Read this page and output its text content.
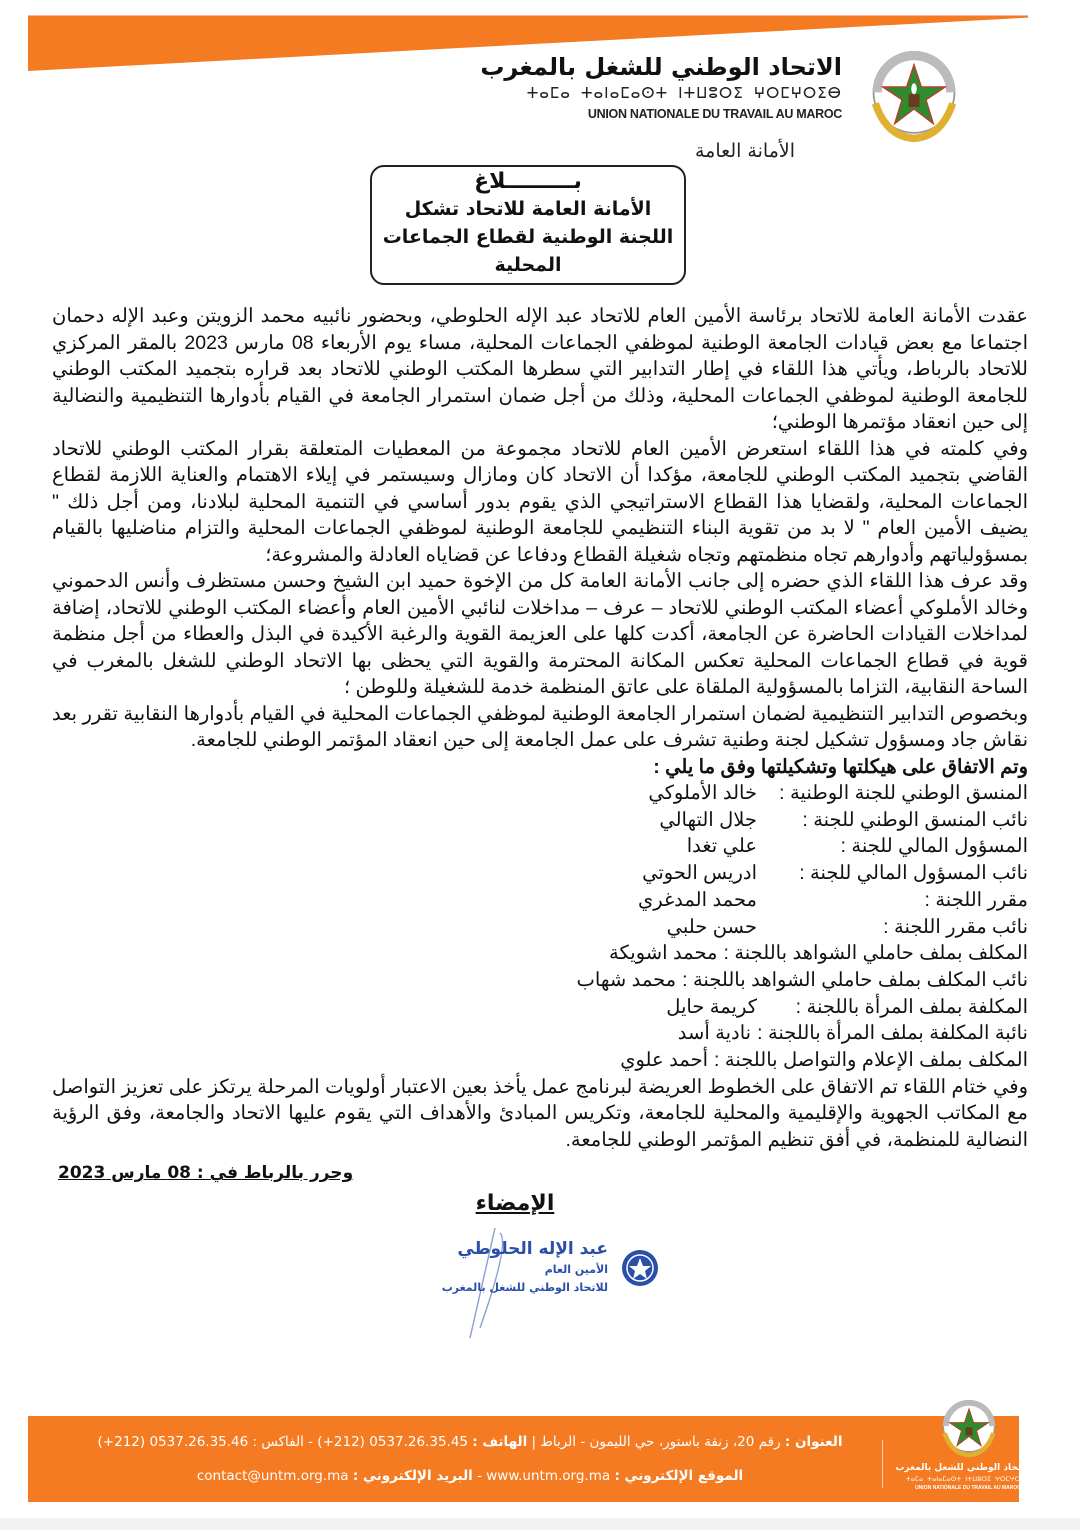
الاتحاد الوطني للشغل بالمغرب
ⵜⴰⵎⴰ ⵜⴰⵏⴰⵎⴰⵙⵜ ⵏⵜⵡⵓⵔⵉ ⵖⵔⵎⵖⵔⵉⴱ
UNION NATIONALE DU TRAVAIL AU MAROC
الأمانة العامة
بـــــــــلاغ
الأمانة العامة للاتحاد تشكل
اللجنة الوطنية لقطاع الجماعات المحلية

عقدت الأمانة العامة للاتحاد برئاسة الأمين العام للاتحاد عبد الإله الحلوطي، وبحضور نائبيه محمد الزويتن وعبد الإله دحمان اجتماعا مع بعض قيادات الجامعة الوطنية لموظفي الجماعات المحلية، مساء يوم الأربعاء 08 مارس 2023 بالمقر المركزي للاتحاد بالرباط، ويأتي هذا اللقاء في إطار التدابير التي سطرها المكتب الوطني للاتحاد بعد قراره بتجميد المكتب الوطني للجامعة الوطنية لموظفي الجماعات المحلية، وذلك من أجل ضمان استمرار الجامعة في القيام بأدوارها التنظيمية والنضالية إلى حين انعقاد مؤتمرها الوطني؛

وفي كلمته في هذا اللقاء استعرض الأمين العام للاتحاد مجموعة من المعطيات المتعلقة بقرار المكتب الوطني للاتحاد القاضي بتجميد المكتب الوطني للجامعة، مؤكدا أن الاتحاد كان ومازال وسيستمر في إيلاء الاهتمام والعناية اللازمة لقطاع الجماعات المحلية، ولقضايا هذا القطاع الاستراتيجي الذي يقوم بدور أساسي في التنمية المحلية لبلادنا، ومن أجل ذلك " يضيف الأمين العام " لا بد من تقوية البناء التنظيمي للجامعة الوطنية لموظفي الجماعات المحلية والتزام مناضليها بالقيام بمسؤولياتهم وأدوارهم تجاه منظمتهم وتجاه شغيلة القطاع ودفاعا عن قضاياه العادلة والمشروعة؛

وقد عرف هذا اللقاء الذي حضره إلى جانب الأمانة العامة كل من الإخوة حميد ابن الشيخ وحسن مستظرف وأنس الدحموني وخالد الأملوكي أعضاء المكتب الوطني للاتحاد – عرف – مداخلات لنائبي الأمين العام وأعضاء المكتب الوطني للاتحاد، إضافة لمداخلات القيادات الحاضرة عن الجامعة، أكدت كلها على العزيمة القوية والرغبة الأكيدة في البذل والعطاء من أجل منظمة قوية في قطاع الجماعات المحلية تعكس المكانة المحترمة والقوية التي يحظى بها الاتحاد الوطني للشغل بالمغرب في الساحة النقابية، التزاما بالمسؤولية الملقاة على عاتق المنظمة خدمة للشغيلة وللوطن ؛

وبخصوص التدابير التنظيمية لضمان استمرار الجامعة الوطنية لموظفي الجماعات المحلية في القيام بأدوارها النقابية تقرر بعد نقاش جاد ومسؤول تشكيل لجنة وطنية تشرف على عمل الجامعة إلى حين انعقاد المؤتمر الوطني للجامعة.

وتم الاتفاق على هيكلتها وتشكيلتها وفق ما يلي :

المنسق الوطني للجنة الوطنية :
خالد الأملوكي
نائب المنسق الوطني للجنة :
جلال التهالي
المسؤول المالي للجنة :
علي تغدا
نائب المسؤول المالي للجنة :
ادريس الحوتي
مقرر اللجنة :
محمد المدغري
نائب مقرر اللجنة :
حسن حلبي
المكلف بملف حاملي الشواهد باللجنة :
محمد اشويكة
نائب المكلف بملف حاملي الشواهد باللجنة :
محمد شهاب
المكلفة بملف المرأة باللجنة :
كريمة حايل
نائبة المكلفة بملف المرأة باللجنة :
نادية أسد
المكلف بملف الإعلام والتواصل باللجنة :
أحمد علوي

وفي ختام اللقاء تم الاتفاق على الخطوط العريضة لبرنامج عمل يأخذ بعين الاعتبار أولويات المرحلة يرتكز على تعزيز التواصل مع المكاتب الجهوية والإقليمية والمحلية للجامعة، وتكريس المبادئ والأهداف التي يقوم عليها الاتحاد والجامعة، وفق الرؤية النضالية للمنظمة، في أفق تنظيم المؤتمر الوطني للجامعة.

وحرر بالرباط في : 08 مارس 2023
الإمضاء
عبد الإله الحلوطي
الأمين العام
للاتحاد الوطني للشغل بالمغرب
العنوان : رقم 20، زنقة باستور، حي الليمون - الرباط | الهاتف : 0537.26.35.45 (212+) - الفاكس : 0537.26.35.46 (212+)
الموقع الإلكتروني : www.untm.org.ma - البريد الإلكتروني : contact@untm.org.ma	الاتحاد الوطني للشغل بالمغرب
ⵜⴰⵎⴰ ⵜⴰⵏⴰⵎⴰⵙⵜ ⵏⵜⵡⵓⵔⵉ ⵖⵔⵎⵖⵔⵉⴱ
UNION NATIONALE DU TRAVAIL AU MAROC
